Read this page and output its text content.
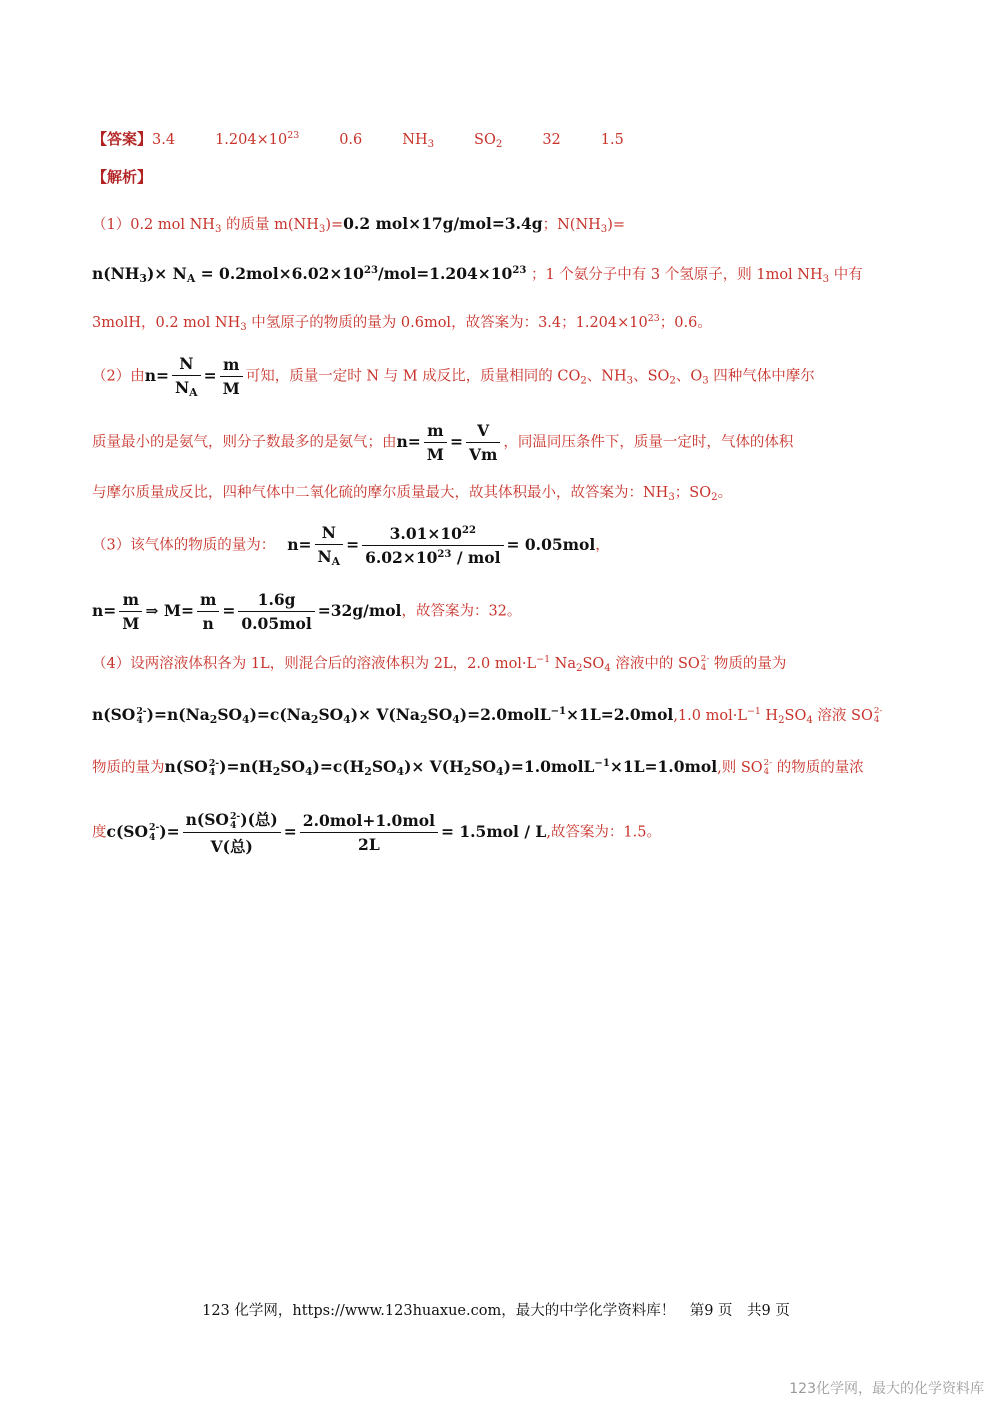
【答案】3.4	$1.204\times 10^{23}$	0.6	$NH_3$	$SO_2$	32	1.5
【解析】
（1）0.2 mol $NH_3$ 的质量 $m(NH_3)=0.2$ mol×17g/mol=3.4g；$N(NH_3)=$
$n(NH_3)\times N_A = 0.2mol\times 6.02\times 10^{23}/mol=1.204\times 10^{23}$ ；1 个氨分子中有 3 个氢原子，则 1mol $NH_3$ 中有
3molH，0.2 mol $NH_3$ 中氢原子的物质的量为 0.6mol，故答案为：3.4；$1.204\times 10^{23}$；0.6。
（2）由$n= \frac{N}{N_A} = \frac{m}{M}$ 可知，质量一定时 N 与 M 成反比，质量相同的 $CO_2$、$NH_3$、$SO_2$、$O_3$ 四种气体中摩尔
质量最小的是氨气，则分子数最多的是氨气；由$n= \frac{m}{M} = \frac{V}{Vm}$ ，同温同压条件下，质量一定时，气体的体积
与摩尔质量成反比，四种气体中二氧化硫的摩尔质量最大，故其体积最小，故答案为：$NH_3$；$SO_2$。
（3）该气体的物质的量为： $n= \frac{N}{N_A} = \frac{3.01\times 10^{22}}{6.02\times 10^{23} / mol} = 0.05mol$，
$n= \frac{m}{M}$ ⇒ $M= \frac{m}{n} = \frac{1.6g}{\text{0.05mol}} =32g/mol$，故答案为：32。
（4）设两溶液体积各为 1L，则混合后的溶液体积为 2L，2.0 $mol\cdot L^{-1}$ $Na_2SO_4$ 溶液中的 SO 2-
4 物质的量为
n(SO 2-
4 )$=n(Na_2SO_4)=c(Na_2SO_4)\times$ $V(Na_2SO_4)=2.0molL^{-1}\times 1L=2.0mol,1.0$ $mol\cdot L^{-1}$ $H_2SO_4$ 溶液 SO 2-
4
物质的量为n(SO 2-
4 )$=n(H_2SO_4)=c(H_2SO_4)\times$ $V(H_2SO_4)=1.0molL^{-1}\times 1L=1.0mol$,则 SO 2-
4 的物质的量浓
度c(SO 2-
4 )= n(SO 2-
4 )(总)
V(总) = $\frac{\text{2.0mol+1.0mol}}{2L} = 1.5mol / L$,故答案为：1.5。
123 化学网，https://www.123huaxue.com，最大的中学化学资料库！　第9 页　共9 页
123化学网，最大的化学资料库
